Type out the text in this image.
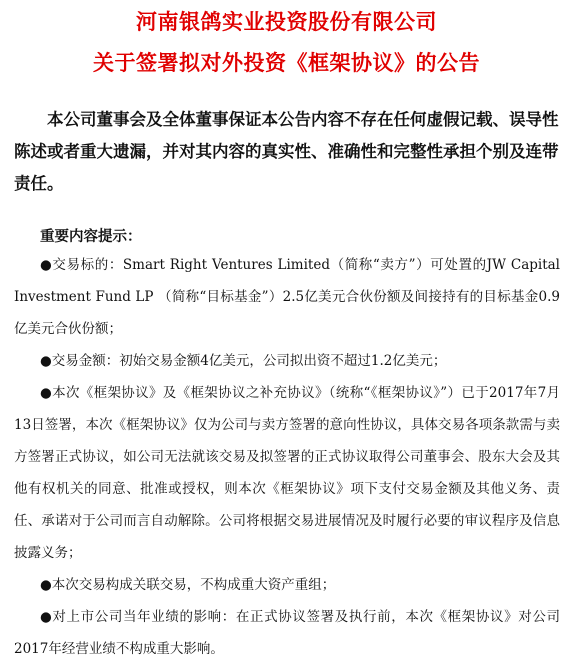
河南银鸽实业投资股份有限公司
关于签署拟对外投资《框架协议》的公告
本公司董事会及全体董事保证本公告内容不存在任何虚假记载、误导性陈述或者重大遗漏，并对其内容的真实性、准确性和完整性承担个别及连带责任。
重要内容提示：
●交易标的：Smart Right Ventures Limited（简称“卖方”）可处置的JW Capital Investment Fund LP （简称“目标基金”）2.5亿美元合伙份额及间接持有的目标基金0.9亿美元合伙份额；
●交易金额：初始交易金额4亿美元，公司拟出资不超过1.2亿美元；
●本次《框架协议》及《框架协议之补充协议》（统称“《框架协议》”）已于2017年7月13日签署，本次《框架协议》仅为公司与卖方签署的意向性协议，具体交易各项条款需与卖方签署正式协议，如公司无法就该交易及拟签署的正式协议取得公司董事会、股东大会及其他有权机关的同意、批准或授权，则本次《框架协议》项下支付交易金额及其他义务、责任、承诺对于公司而言自动解除。公司将根据交易进展情况及时履行必要的审议程序及信息披露义务；
●本次交易构成关联交易，不构成重大资产重组；
●对上市公司当年业绩的影响：在正式协议签署及执行前，本次《框架协议》对公司2017年经营业绩不构成重大影响。
